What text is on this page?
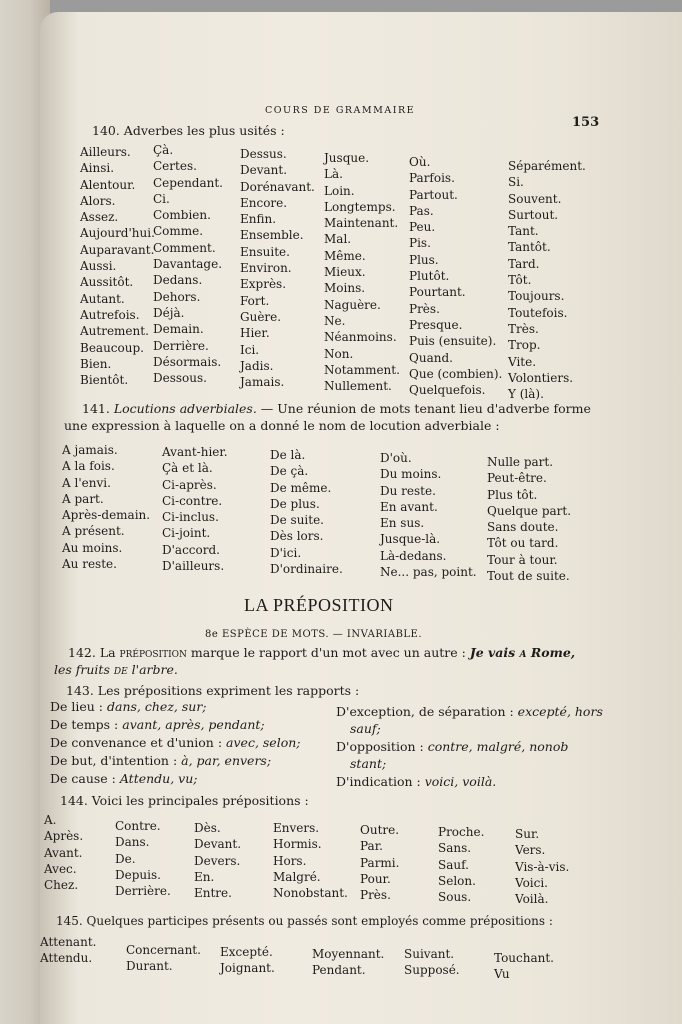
COURS DE GRAMMAIRE
153
140. Adverbes les plus usités :
Ailleurs.
Ainsi.
Alentour.
Alors.
Assez.
Aujourd'hui.
Auparavant.
Aussi.
Aussitôt.
Autant.
Autrefois.
Autrement.
Beaucoup.
Bien.
Bientôt.
Çà.
Certes.
Cependant.
Ci.
Combien.
Comme.
Comment.
Davantage.
Dedans.
Dehors.
Déjà.
Demain.
Derrière.
Désormais.
Dessous.
Dessus.
Devant.
Dorénavant.
Encore.
Enfin.
Ensemble.
Ensuite.
Environ.
Exprès.
Fort.
Guère.
Hier.
Ici.
Jadis.
Jamais.
Jusque.
Là.
Loin.
Longtemps.
Maintenant.
Mal.
Même.
Mieux.
Moins.
Naguère.
Ne.
Néanmoins.
Non.
Notamment.
Nullement.
Où.
Parfois.
Partout.
Pas.
Peu.
Pis.
Plus.
Plutôt.
Pourtant.
Près.
Presque.
Puis (ensuite).
Quand.
Que (combien).
Quelquefois.
Séparément.
Si.
Souvent.
Surtout.
Tant.
Tantôt.
Tard.
Tôt.
Toujours.
Toutefois.
Très.
Trop.
Vite.
Volontiers.
Y (là).
141. Locutions adverbiales. — Une réunion de mots tenant lieu d'adverbe forme
une expression à laquelle on a donné le nom de locution adverbiale :
A jamais.
A la fois.
A l'envi.
A part.
Après-demain.
A présent.
Au moins.
Au reste.
Avant-hier.
Çà et là.
Ci-après.
Ci-contre.
Ci-inclus.
Ci-joint.
D'accord.
D'ailleurs.
De là.
De çà.
De même.
De plus.
De suite.
Dès lors.
D'ici.
D'ordinaire.
D'où.
Du moins.
Du reste.
En avant.
En sus.
Jusque-là.
Là-dedans.
Ne... pas, point.
Nulle part.
Peut-être.
Plus tôt.
Quelque part.
Sans doute.
Tôt ou tard.
Tour à tour.
Tout de suite.
LA PRÉPOSITION
8e ESPÈCE DE MOTS. — INVARIABLE.
142. La préposition marque le rapport d'un mot avec un autre : Je vais a Rome,
les fruits de l'arbre.
143. Les prépositions expriment les rapports :
De lieu : dans, chez, sur;
De temps : avant, après, pendant;
De convenance et d'union : avec, selon;
De but, d'intention : à, par, envers;
De cause : Attendu, vu;
D'exception, de séparation : excepté, hors
sauf;
D'opposition : contre, malgré, nonob
stant;
D'indication : voici, voilà.
144. Voici les principales prépositions :
A.
Après.
Avant.
Avec.
Chez.
Contre.
Dans.
De.
Depuis.
Derrière.
Dès.
Devant.
Devers.
En.
Entre.
Envers.
Hormis.
Hors.
Malgré.
Nonobstant.
Outre.
Par.
Parmi.
Pour.
Près.
Proche.
Sans.
Sauf.
Selon.
Sous.
Sur.
Vers.
Vis-à-vis.
Voici.
Voilà.
145. Quelques participes présents ou passés sont employés comme prépositions :
Attenant.
Attendu.
Concernant.
Durant.
Excepté.
Joignant.
Moyennant.
Pendant.
Suivant.
Supposé.
Touchant.
Vu
